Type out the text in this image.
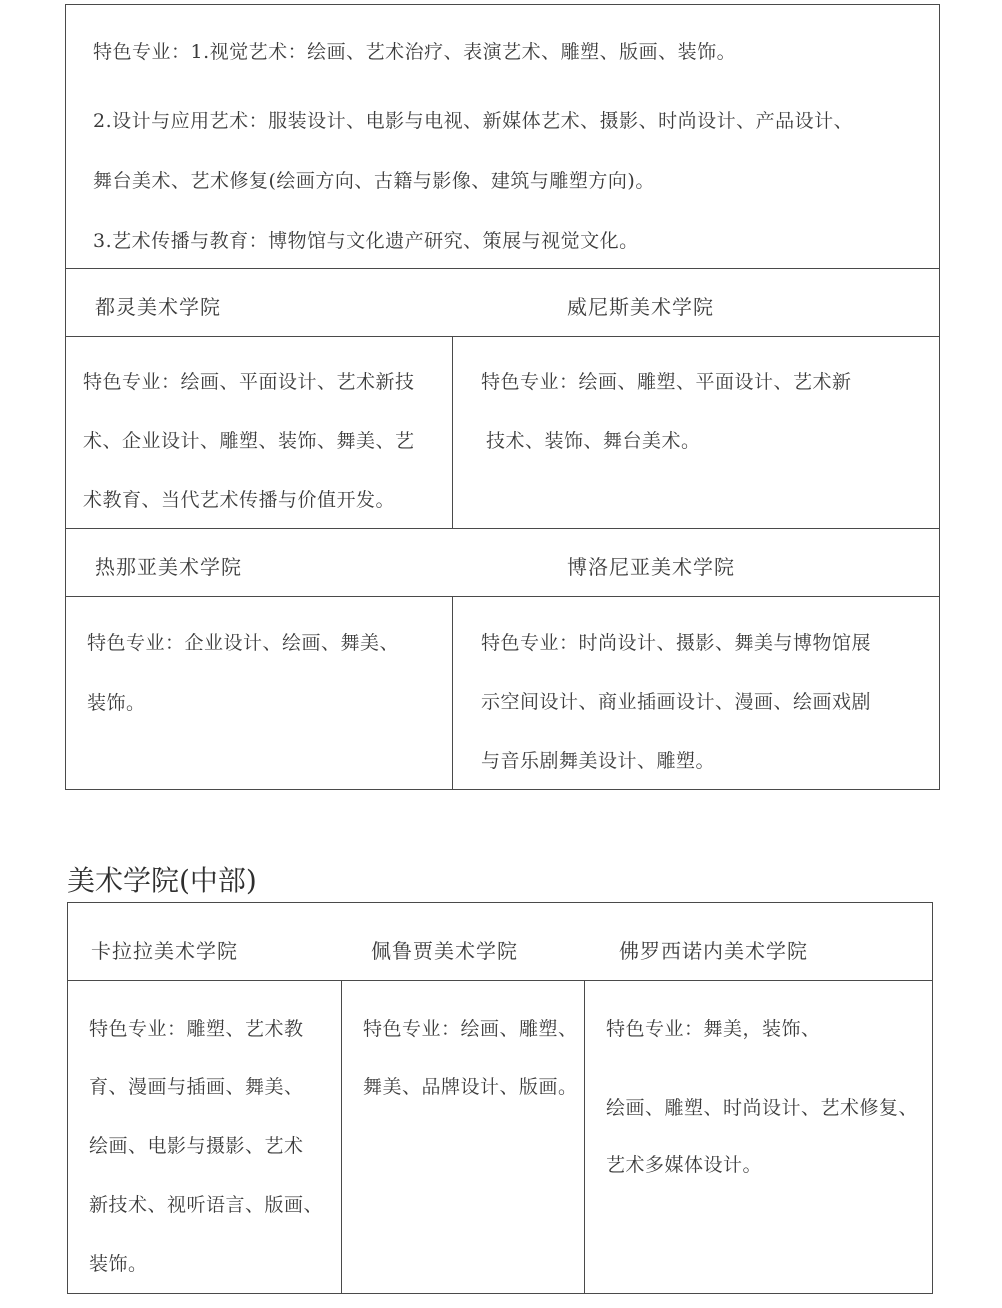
特色专业：1.视觉艺术：绘画、艺术治疗、表演艺术、雕塑、版画、装饰。
2.设计与应用艺术：服装设计、电影与电视、新媒体艺术、摄影、时尚设计、产品设计、
舞台美术、艺术修复(绘画方向、古籍与影像、建筑与雕塑方向)。
3.艺术传播与教育：博物馆与文化遗产研究、策展与视觉文化。
都灵美术学院	威尼斯美术学院
特色专业：绘画、平面设计、艺术新技
术、企业设计、雕塑、装饰、舞美、艺
术教育、当代艺术传播与价值开发。
特色专业：绘画、雕塑、平面设计、艺术新
技术、装饰、舞台美术。
热那亚美术学院	博洛尼亚美术学院
特色专业：企业设计、绘画、舞美、
装饰。
特色专业：时尚设计、摄影、舞美与博物馆展
示空间设计、商业插画设计、漫画、绘画戏剧
与音乐剧舞美设计、雕塑。
美术学院(中部)
卡拉拉美术学院	佩鲁贾美术学院	佛罗西诺内美术学院
特色专业：雕塑、艺术教
育、漫画与插画、舞美、
绘画、电影与摄影、艺术
新技术、视听语言、版画、
装饰。
特色专业：绘画、雕塑、
舞美、品牌设计、版画。
特色专业：舞美，装饰、
绘画、雕塑、时尚设计、艺术修复、
艺术多媒体设计。
